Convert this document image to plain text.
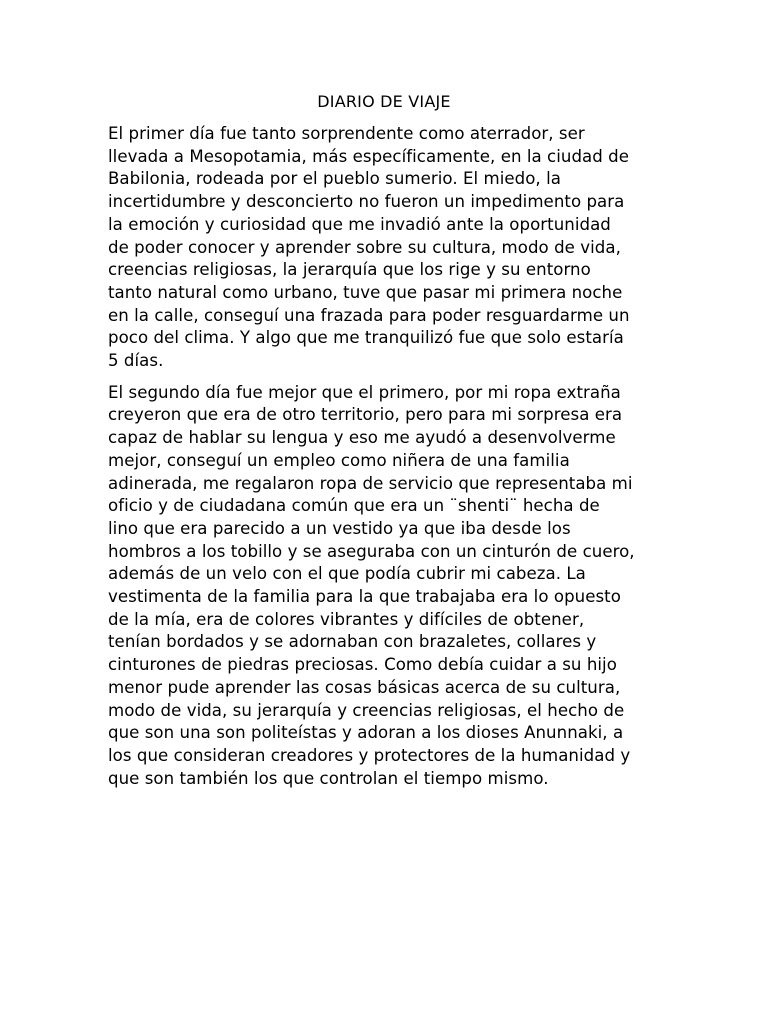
DIARIO DE VIAJE
El primer día fue tanto sorprendente como aterrador, ser
llevada a Mesopotamia, más específicamente, en la ciudad de
Babilonia, rodeada por el pueblo sumerio. El miedo, la
incertidumbre y desconcierto no fueron un impedimento para
la emoción y curiosidad que me invadió ante la oportunidad
de poder conocer y aprender sobre su cultura, modo de vida,
creencias religiosas, la jerarquía que los rige y su entorno
tanto natural como urbano, tuve que pasar mi primera noche
en la calle, conseguí una frazada para poder resguardarme un
poco del clima. Y algo que me tranquilizó fue que solo estaría
5 días.
El segundo día fue mejor que el primero, por mi ropa extraña
creyeron que era de otro territorio, pero para mi sorpresa era
capaz de hablar su lengua y eso me ayudó a desenvolverme
mejor, conseguí un empleo como niñera de una familia
adinerada, me regalaron ropa de servicio que representaba mi
oficio y de ciudadana común que era un ¨shenti¨ hecha de
lino que era parecido a un vestido ya que iba desde los
hombros a los tobillo y se aseguraba con un cinturón de cuero,
además de un velo con el que podía cubrir mi cabeza. La
vestimenta de la familia para la que trabajaba era lo opuesto
de la mía, era de colores vibrantes y difíciles de obtener,
tenían bordados y se adornaban con brazaletes, collares y
cinturones de piedras preciosas. Como debía cuidar a su hijo
menor pude aprender las cosas básicas acerca de su cultura,
modo de vida, su jerarquía y creencias religiosas, el hecho de
que son una son politeístas y adoran a los dioses Anunnaki, a
los que consideran creadores y protectores de la humanidad y
que son también los que controlan el tiempo mismo.
